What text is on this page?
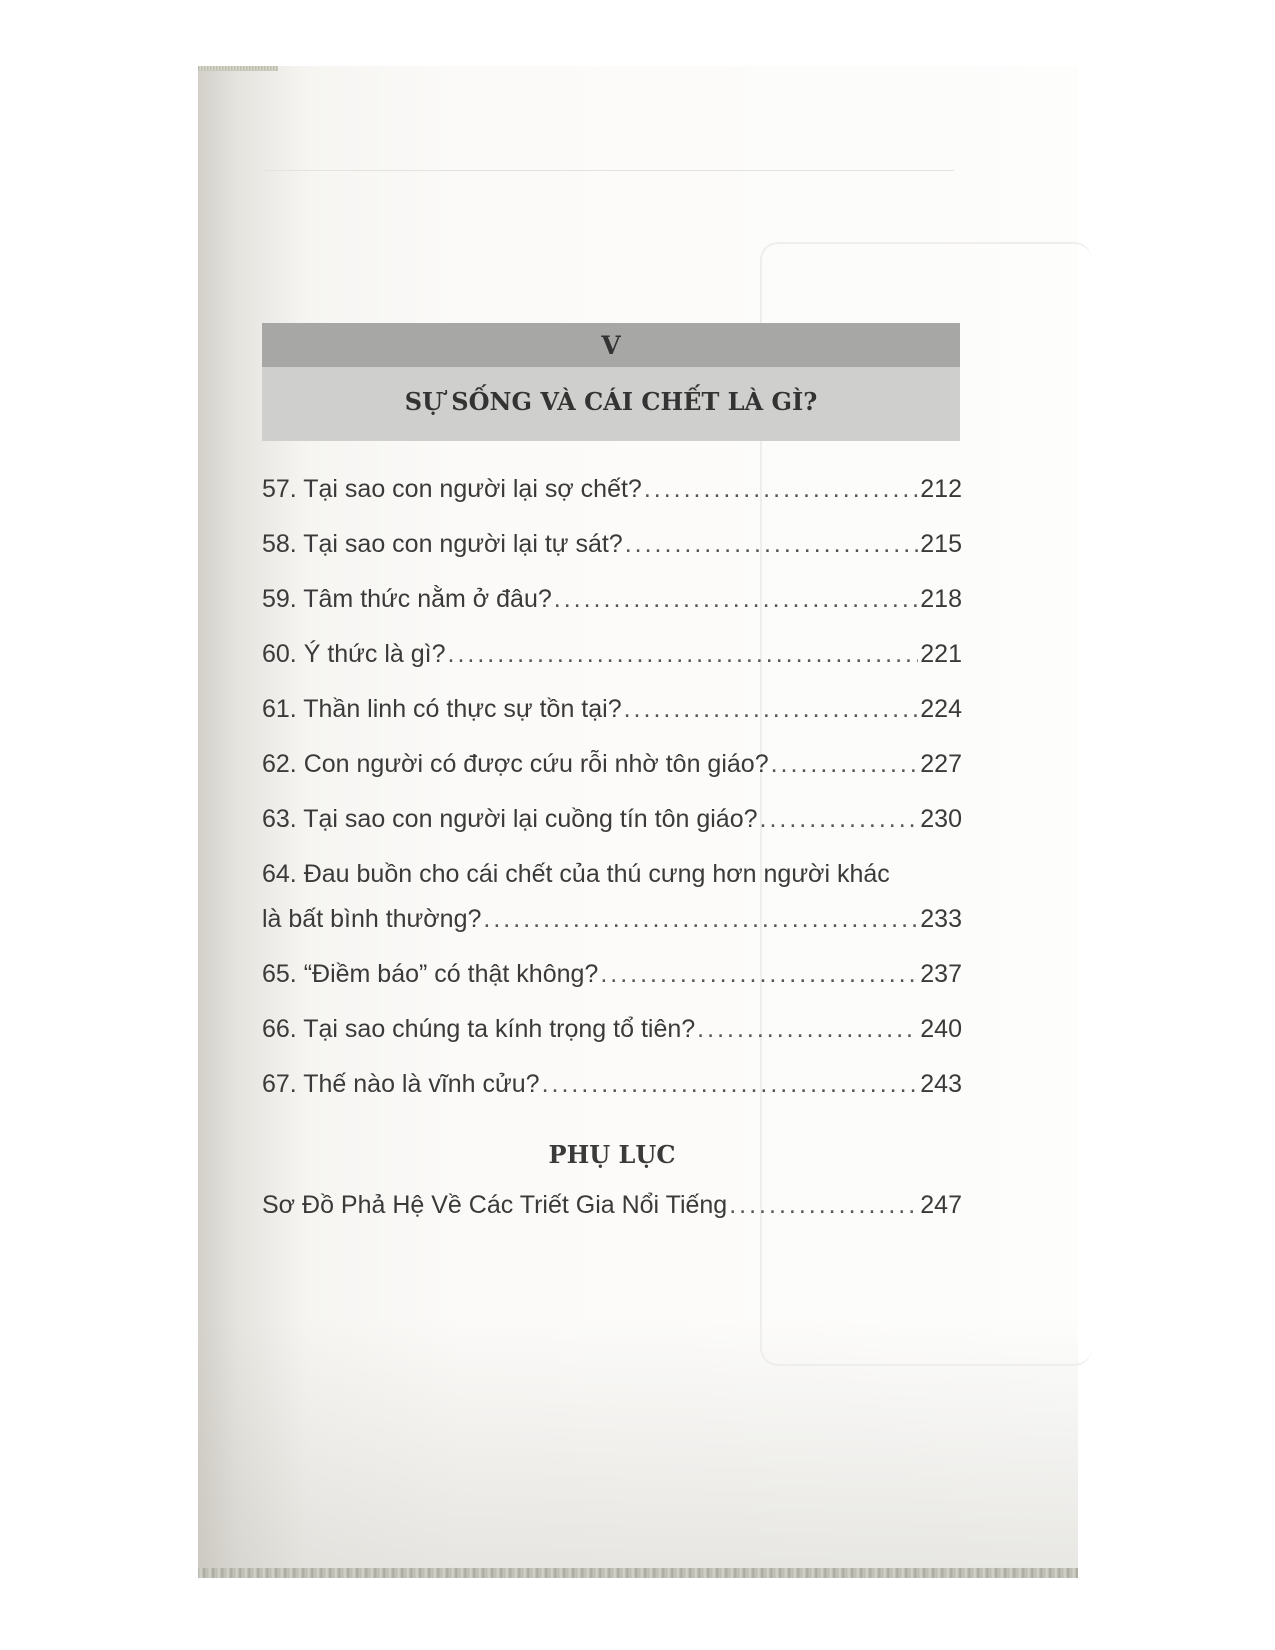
V
SỰ SỐNG VÀ CÁI CHẾT LÀ GÌ?
57. Tại sao con người lại sợ chết? .....	212
58. Tại sao con người lại tự sát? .....	215
59. Tâm thức nằm ở đâu? .....	218
60. Ý thức là gì? .....	221
61. Thần linh có thực sự tồn tại? .....	224
62. Con người có được cứu rỗi nhờ tôn giáo? .....	227
63. Tại sao con người lại cuồng tín tôn giáo? .....	230
64. Đau buồn cho cái chết của thú cưng hơn người khác
là bất bình thường? .....	233
65. “Điềm báo” có thật không? .....	237
66. Tại sao chúng ta kính trọng tổ tiên? .....	240
67. Thế nào là vĩnh cửu? .....	243
PHỤ LỤC
Sơ Đồ Phả Hệ Về Các Triết Gia Nổi Tiếng .....	247
